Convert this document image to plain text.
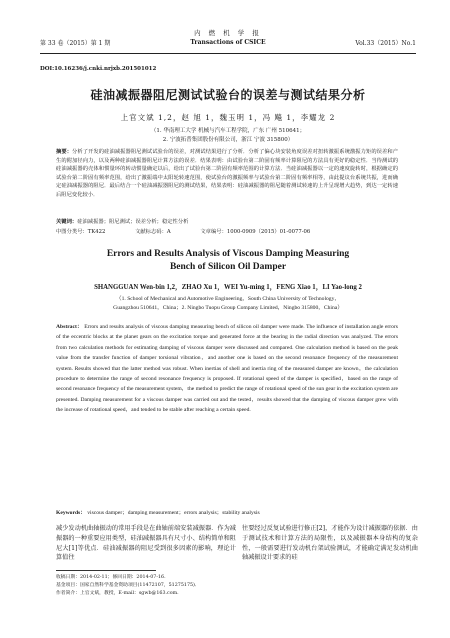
第 33 卷（2015）第 1 期
内 燃 机 学 报
Transactions of CSICE	Vol.33（2015）No.1
DOI:10.16236/j.cnki.nrjxb.201501012
硅油减振器阻尼测试试验台的误差与测试结果分析
上官文斌 1,2，赵 旭 1，魏玉明 1，冯 飚 1，李耀龙 2
（1. 华南理工大学 机械与汽车工程学院，广东 广州 510641；
2. 宁波拓普集团股份有限公司，浙江 宁波 315800）
摘要：分析了开发的硅油减振器阻尼测试试验台的误差，对测试结果进行了分析．分析了偏心块安装角度误差对扭转激振系统激振力矩的误差和产生的附加径向力，以及两种硅油减振器阻尼计算方法的误差．结果表明：由试验台第二阶固有频率计算阻尼的方法具有更好的稳定性．当待测试的硅油减振器的壳体和惯量环的转动惯量确定以后，给出了试验台第二阶固有频率范围的计算方法．当硅油减振器以一定的速度旋转时，根据确定的试验台第二阶固有频率范围，给出了激振端中太阳轮转速范围，使试验台的激振频率与试验台第二阶固有频率相等，由此提议台系统共振，进而确定硅油减振器的阻尼．最后结合一个硅油减振器阻尼的测试结果，结果表明：硅油减振器的阻尼随着测试转速的上升呈现增大趋势，到达一定转速后阻尼变化较小．
关键词：硅油减振器；阻尼测试；误差分析；稳定性分析
中图分类号：TK422	文献标志码：A	文章编号：1000-0909（2015）01-0077-06
Errors and Results Analysis of Viscous Damping Measuring
Bench of Silicon Oil Damper
SHANGGUAN Wen-bin 1,2，ZHAO Xu 1，WEI Yu-ming 1，FENG Xiao 1，LI Yao-long 2
（1. School of Mechanical and Automotive Engineering，South China University of Technology，
Guangzhou 510641，China；2. Ningbo Tuopu Group Company Limited，Ningbo 315800，China）
Abstract： Errors and results analysis of viscous damping measuring bench of silicon oil damper were made. The influence of installation angle errors of the eccentric blocks at the planet gears on the excitation torque and generated force at the bearing in the radial direction was analyzed. The errors from two calculation methods for estimating damping of viscous damper were discussed and compared. One calculation method is based on the peak value from the transfer function of damper torsional vibration，and another one is based on the second resonance frequency of the measurement system. Results showed that the latter method was robust. When inertias of shell and inertia ring of the measured damper are known，the calculation procedure to determine the range of second resonance frequency is proposed. If rotational speed of the damper is specified，based on the range of second resonance frequency of the measurement system，the method to predict the range of rotational speed of the sun gear in the excitation system are presented. Damping measurement for a viscous damper was carried out and the tested，results showed that the damping of viscous damper grew with the increase of rotational speed，and tended to be stable after reaching a certain speed.
Keywords： viscous damper；damping measurement；errors analysis；stability analysis
减少发动机曲轴振动的常用手段是在曲轴前端安装减振器．作为减振器的一种重要应用类型，硅油减振器具有尺寸小、结构简单和阻尼大[1]等优点．硅油减振器的阻尼受到很多因素的影响，理论计算值往
往要经过反复试验进行修正[2]，才能作为设计减振器的依据．由于测试技术和计算方法的局限性，以及减振器本身结构的复杂性，一般需要进行发动机台架试验测试，才能确定满足发动机曲轴减振设计要求的硅
收稿日期：2014-02-11；修回日期：2014-07-16.
基金项目：国家自然科学基金资助项目(11472107，51275175)．
作者简介：上官文斌，教授，E-mail：sgwb@163.com.
